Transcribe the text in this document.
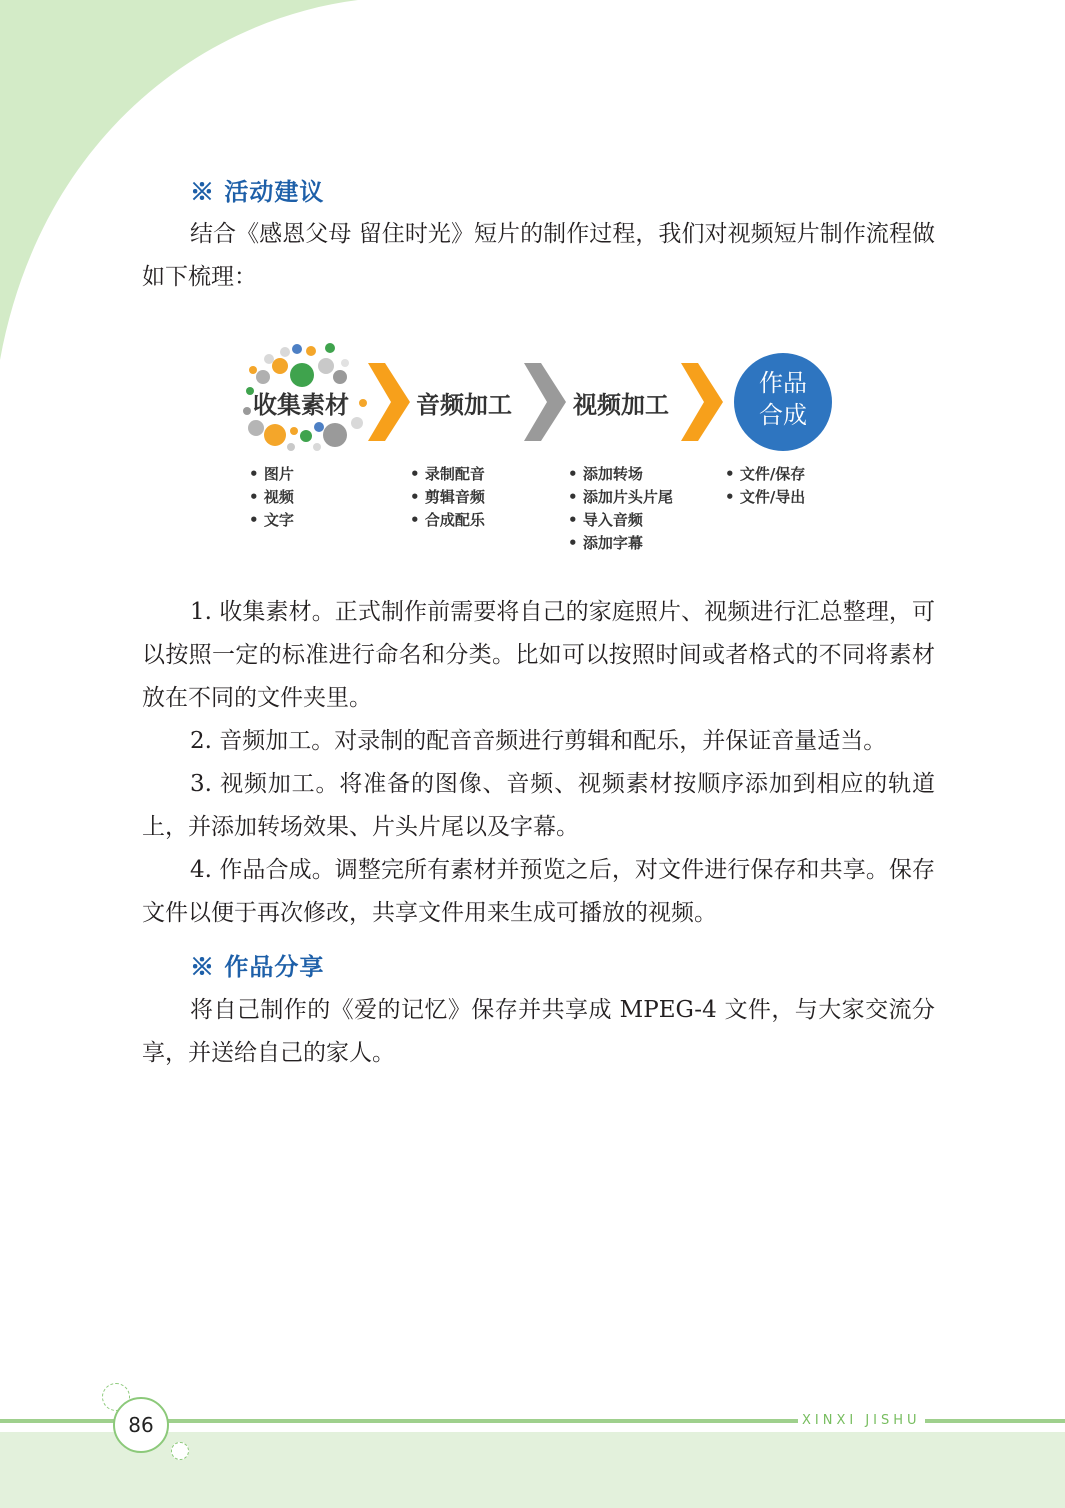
※ 活动建议

结合《感恩父母 留住时光》短片的制作过程，我们对视频短片制作流程做如下梳理：

收集素材	音频加工	视频加工
作品
合成
• 图片
• 视频
• 文字
• 录制配音
• 剪辑音频
• 合成配乐
• 添加转场
• 添加片头片尾
• 导入音频
• 添加字幕
• 文件/保存
• 文件/导出

1. 收集素材。正式制作前需要将自己的家庭照片、视频进行汇总整理，可以按照一定的标准进行命名和分类。比如可以按照时间或者格式的不同将素材放在不同的文件夹里。

2. 音频加工。对录制的配音音频进行剪辑和配乐，并保证音量适当。

3. 视频加工。将准备的图像、音频、视频素材按顺序添加到相应的轨道上，并添加转场效果、片头片尾以及字幕。

4. 作品合成。调整完所有素材并预览之后，对文件进行保存和共享。保存文件以便于再次修改，共享文件用来生成可播放的视频。

※ 作品分享

将自己制作的《爱的记忆》保存并共享成 MPEG-4 文件，与大家交流分享，并送给自己的家人。

XINXI JISHU
86
